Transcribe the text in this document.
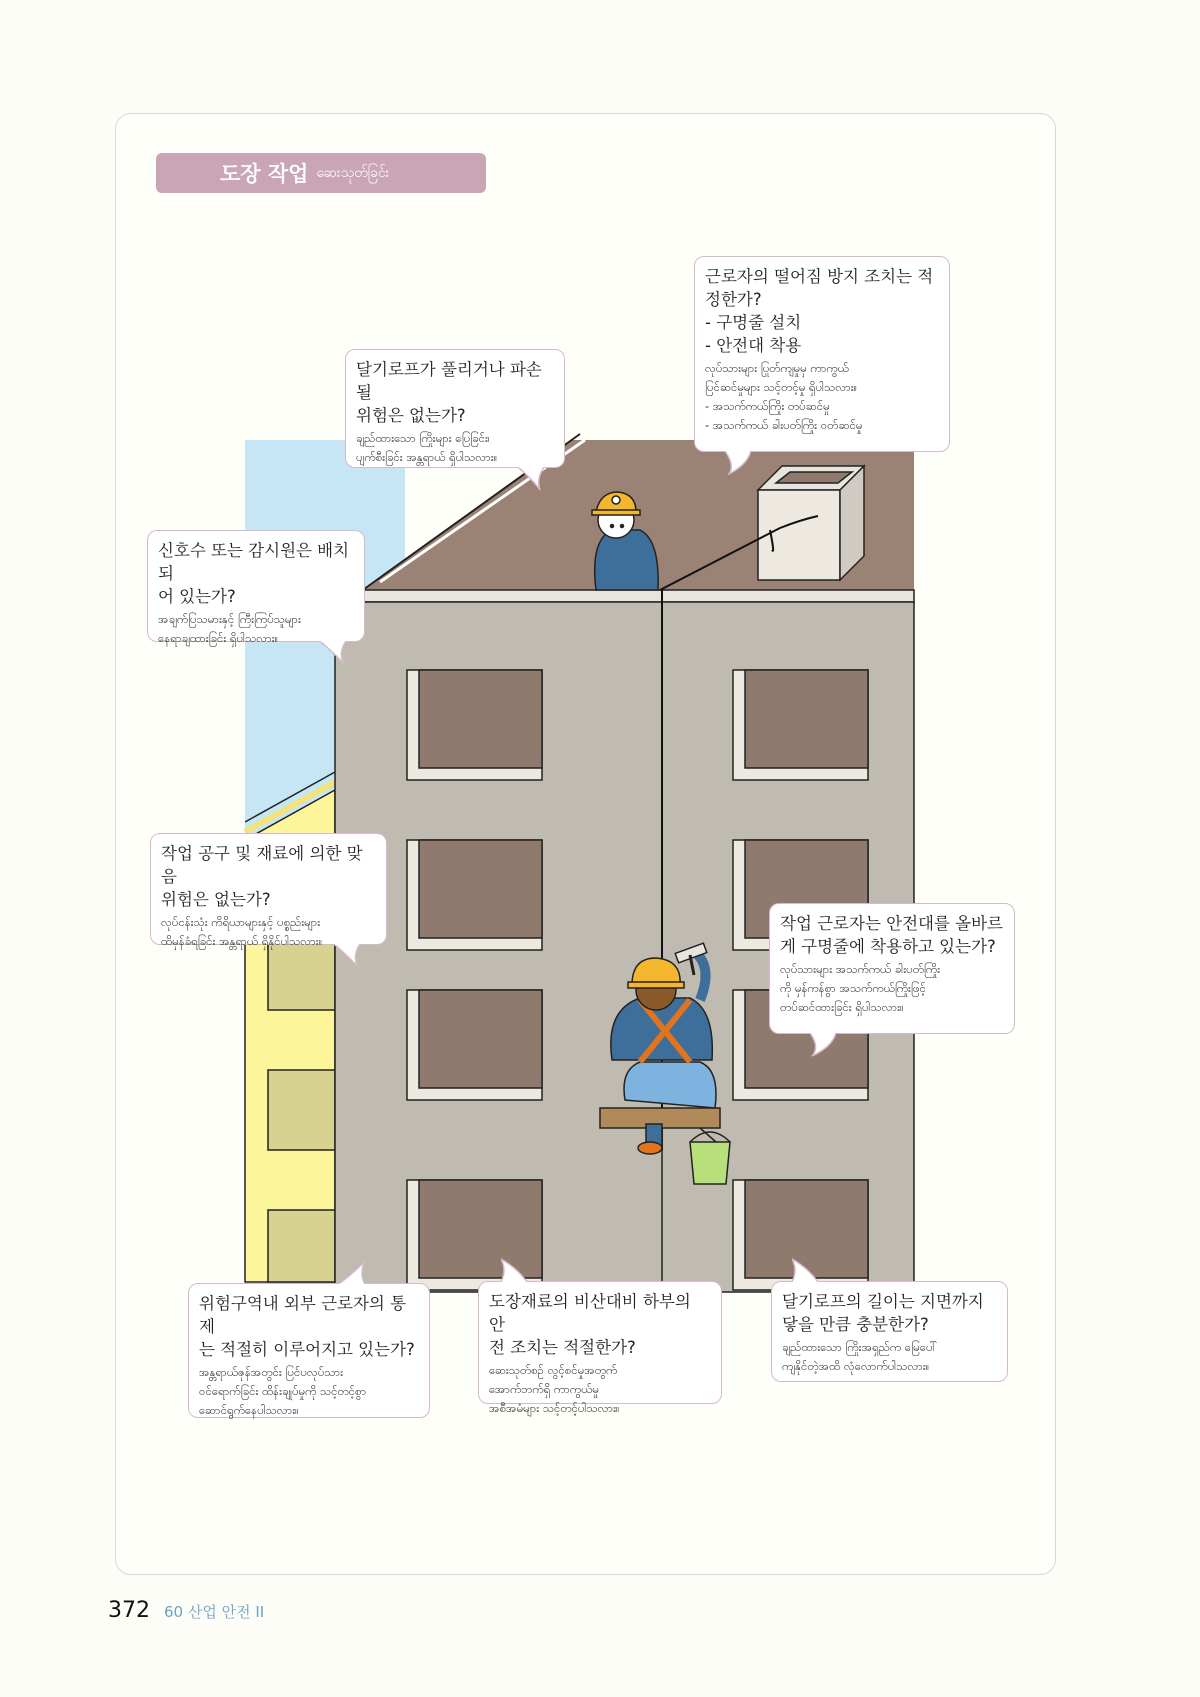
도장 작업 ဆေးသုတ်ခြင်း
근로자의 떨어짐 방지 조치는 적
정한가?
- 구명줄 설치
- 안전대 착용
လုပ်သားများ ပြုတ်ကျမှုမှ ကာကွယ်
ပြင်ဆင်မှုများ သင့်တင့်မှု ရှိပါသလား။
- အသက်ကယ်ကြိုး တပ်ဆင်မှု
- အသက်ကယ် ခါးပတ်ကြိုး ဝတ်ဆင်မှု
달기로프가 풀리거나 파손될
위험은 없는가?
ချည်ထားသော ကြိုးများ ပြေခြင်း၊
ပျက်စီးခြင်း အန္တရာယ် ရှိပါသလား။
신호수 또는 감시원은 배치되
어 있는가?
အချက်ပြသမားနှင့် ကြီးကြပ်သူများ
နေရာချထားခြင်း ရှိပါသလား။
작업 공구 및 재료에 의한 맞음
위험은 없는가?
လုပ်ငန်းသုံး ကိရိယာများနှင့် ပစ္စည်းများ
ထိမှန်ခံရခြင်း အန္တရာယ် ရှိနိုင်ပါသလား။
작업 근로자는 안전대를 올바르
게 구명줄에 착용하고 있는가?
လုပ်သားများ အသက်ကယ် ခါးပတ်ကြိုး
ကို မှန်ကန်စွာ အသက်ကယ်ကြိုးဖြင့်
တပ်ဆင်ထားခြင်း ရှိပါသလား။
위험구역내 외부 근로자의 통제
는 적절히 이루어지고 있는가?
အန္တရာယ်ဇုန်အတွင်း ပြင်ပလုပ်သား
ဝင်ရောက်ခြင်း ထိန်းချုပ်မှုကို သင့်တင့်စွာ
ဆောင်ရွက်နေပါသလား။
도장재료의 비산대비 하부의 안
전 조치는 적절한가?
ဆေးသုတ်စဉ် လွင့်စင်မှုအတွက်
အောက်ဘက်ရှိ ကာကွယ်မှု
အစီအမံများ သင့်တင့်ပါသလား။
달기로프의 길이는 지면까지
닿을 만큼 충분한가?
ချည်ထားသော ကြိုးအရှည်က မြေပေါ်
ကျနိုင်တဲ့အထိ လုံလောက်ပါသလား။
372 60 산업 안전 II
